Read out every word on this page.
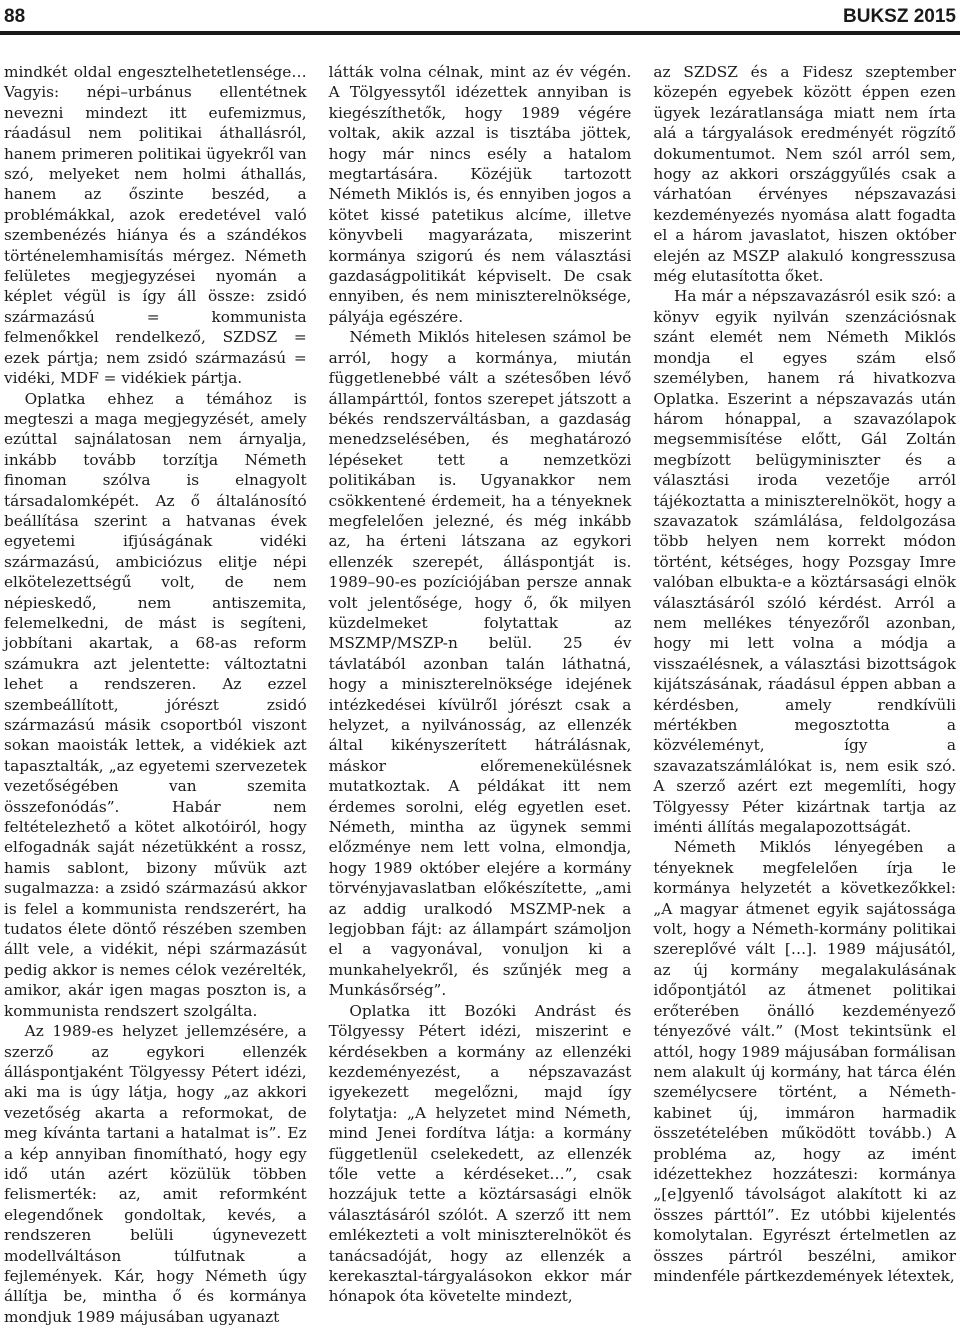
88	BUKSZ 2015

mindkét oldal engesztelhetetlensége… Vagyis: népi–urbánus ellentétnek nevezni mindezt itt eufemizmus, ráadásul nem politikai áthallásról, hanem primeren politikai ügyekről van szó, melyeket nem holmi áthallás, hanem az őszinte beszéd, a problémákkal, azok eredetével való szembenézés hiánya és a szándékos történelemhamisítás mérgez. Németh felületes megjegyzései nyomán a képlet végül is így áll össze: zsidó származású = kommunista felmenőkkel rendelkező, SZDSZ = ezek pártja; nem zsidó származású = vidéki, MDF = vidékiek pártja.

Oplatka ehhez a témához is megteszi a maga megjegyzését, amely ezúttal sajnálatosan nem árnyalja, inkább tovább torzítja Németh finoman szólva is elnagyolt társadalomképét. Az ő általánosító beállítása szerint a hatvanas évek egyetemi ifjúságának vidéki származású, ambiciózus elitje népi elkötelezettségű volt, de nem népieskedő, nem antiszemita, felemelkedni, de mást is segíteni, jobbítani akartak, a 68-as reform számukra azt jelentette: változtatni lehet a rendszeren. Az ezzel szembeállított, jórészt zsidó származású másik csoportból viszont sokan maoisták lettek, a vidékiek azt tapasztalták, „az egyetemi szervezetek vezetőségében van szemita összefonódás”. Habár nem feltételezhető a kötet alkotóiról, hogy elfogadnák saját nézetükként a rossz, hamis sablont, bizony művük azt sugalmazza: a zsidó származású akkor is felel a kommunista rendszerért, ha tudatos élete döntő részében szemben állt vele, a vidékit, népi származásút pedig akkor is nemes célok vezérelték, amikor, akár igen magas poszton is, a kommunista rendszert szolgálta.

Az 1989-es helyzet jellemzésére, a szerző az egykori ellenzék álláspontjaként Tölgyessy Pétert idézi, aki ma is úgy látja, hogy „az akkori vezetőség akarta a reformokat, de meg kívánta tartani a hatalmat is”. Ez a kép annyiban finomítható, hogy egy idő után azért közülük többen felismerték: az, amit reformként elegendőnek gondoltak, kevés, a rendszeren belüli úgynevezett modellváltáson túlfutnak a fejlemények. Kár, hogy Németh úgy állítja be, mintha ő és kormánya mondjuk 1989 májusában ugyanazt

látták volna célnak, mint az év végén. A Tölgyessytől idézettek annyiban is kiegészíthetők, hogy 1989 végére voltak, akik azzal is tisztába jöttek, hogy már nincs esély a hatalom megtartására. Közéjük tartozott Németh Miklós is, és ennyiben jogos a kötet kissé patetikus alcíme, illetve könyvbeli magyarázata, miszerint kormánya szigorú és nem választási gazdaságpolitikát képviselt. De csak ennyiben, és nem miniszterelnöksége, pályája egészére.

Németh Miklós hitelesen számol be arról, hogy a kormánya, miután függetlenebbé vált a szétesőben lévő állampárttól, fontos szerepet játszott a békés rendszerváltásban, a gazdaság menedzselésében, és meghatározó lépéseket tett a nemzetközi politikában is. Ugyanakkor nem csökkentené érdemeit, ha a tényeknek megfelelően jelezné, és még inkább az, ha érteni látszana az egykori ellenzék szerepét, álláspontját is. 1989–90-es pozíciójában persze annak volt jelentősége, hogy ő, ők milyen küzdelmeket folytattak az MSZMP/MSZP-n belül. 25 év távlatából azonban talán láthatná, hogy a miniszterelnöksége idejének intézkedései kívülről jórészt csak a helyzet, a nyilvánosság, az ellenzék által kikényszerített hátrálásnak, máskor előremenekülésnek mutatkoztak. A példákat itt nem érdemes sorolni, elég egyetlen eset. Németh, mintha az ügynek semmi előzménye nem lett volna, elmondja, hogy 1989 október elejére a kormány törvényjavaslatban előkészítette, „ami az addig uralkodó MSZMP-nek a legjobban fájt: az állampárt számoljon el a vagyonával, vonuljon ki a munkahelyekről, és szűnjék meg a Munkásőrség”.

Oplatka itt Bozóki Andrást és Tölgyessy Pétert idézi, miszerint e kérdésekben a kormány az ellenzéki kezdeményezést, a népszavazást igyekezett megelőzni, majd így folytatja: „A helyzetet mind Németh, mind Jenei fordítva látja: a kormány függetlenül cselekedett, az ellenzék tőle vette a kérdéseket…”, csak hozzájuk tette a köztársasági elnök választásáról szólót. A szerző itt nem emlékezteti a volt miniszterelnököt és tanácsadóját, hogy az ellenzék a kerekasztal-tárgyalásokon ekkor már hónapok óta követelte mindezt,

az SZDSZ és a Fidesz szeptember közepén egyebek között éppen ezen ügyek lezáratlansága miatt nem írta alá a tárgyalások eredményét rögzítő dokumentumot. Nem szól arról sem, hogy az akkori országgyűlés csak a várhatóan érvényes népszavazási kezdeményezés nyomása alatt fogadta el a három javaslatot, hiszen október elején az MSZP alakuló kongresszusa még elutasította őket.

Ha már a népszavazásról esik szó: a könyv egyik nyilván szenzációsnak szánt elemét nem Németh Miklós mondja el egyes szám első személyben, hanem rá hivatkozva Oplatka. Eszerint a népszavazás után három hónappal, a szavazólapok megsemmisítése előtt, Gál Zoltán megbízott belügyminiszter és a választási iroda vezetője arról tájékoztatta a miniszterelnököt, hogy a szavazatok számlálása, feldolgozása több helyen nem korrekt módon történt, kétséges, hogy Pozsgay Imre valóban elbukta-e a köztársasági elnök választásáról szóló kérdést. Arról a nem mellékes tényezőről azonban, hogy mi lett volna a módja a visszaélésnek, a választási bizottságok kijátszásának, ráadásul éppen abban a kérdésben, amely rendkívüli mértékben megosztotta a közvéleményt, így a szavazatszámlálókat is, nem esik szó. A szerző azért ezt megemlíti, hogy Tölgyessy Péter kizártnak tartja az iménti állítás megalapozottságát.

Németh Miklós lényegében a tényeknek megfelelően írja le kormánya helyzetét a következőkkel: „A magyar átmenet egyik sajátossága volt, hogy a Németh-kormány politikai szereplővé vált […]. 1989 májusától, az új kormány megalakulásának időpontjától az átmenet politikai erőterében önálló kezdeményező tényezővé vált.” (Most tekintsünk el attól, hogy 1989 májusában formálisan nem alakult új kormány, hat tárca élén személycsere történt, a Németh-kabinet új, immáron harmadik összetételében működött tovább.) A probléma az, hogy az imént idézettekhez hozzáteszi: kormánya „[e]gyenlő távolságot alakított ki az összes párttól”. Ez utóbbi kijelentés komolytalan. Egyrészt értelmetlen az összes pártról beszélni, amikor mindenféle pártkezdemények létextek,
